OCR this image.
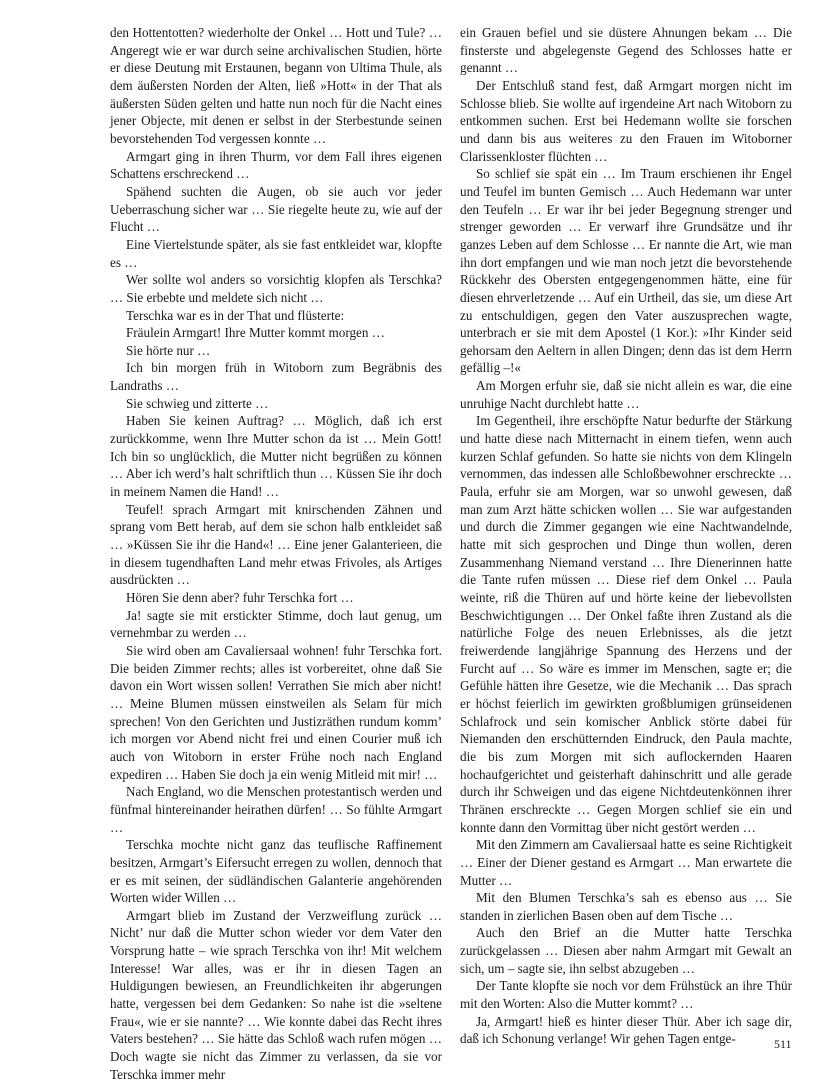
den Hottentotten? wiederholte der Onkel … Hott und Tule? … Angeregt wie er war durch seine archivalischen Studien, hörte er diese Deutung mit Erstaunen, begann von Ultima Thule, als dem äußersten Norden der Alten, ließ »Hott« in der That als äußersten Süden gelten und hatte nun noch für die Nacht eines jener Objecte, mit denen er selbst in der Sterbestunde seinen bevorstehenden Tod vergessen konnte …

Armgart ging in ihren Thurm, vor dem Fall ihres eigenen Schattens erschreckend …

Spähend suchten die Augen, ob sie auch vor jeder Ueberraschung sicher war … Sie riegelte heute zu, wie auf der Flucht …

Eine Viertelstunde später, als sie fast entkleidet war, klopfte es …

Wer sollte wol anders so vorsichtig klopfen als Terschka? … Sie erbebte und meldete sich nicht …

Terschka war es in der That und flüsterte:

Fräulein Armgart! Ihre Mutter kommt morgen …

Sie hörte nur …

Ich bin morgen früh in Witoborn zum Begräbnis des Landraths …

Sie schwieg und zitterte …

Haben Sie keinen Auftrag? … Möglich, daß ich erst zurückkomme, wenn Ihre Mutter schon da ist … Mein Gott! Ich bin so unglücklich, die Mutter nicht begrüßen zu können … Aber ich werd’s halt schriftlich thun … Küssen Sie ihr doch in meinem Namen die Hand! …

Teufel! sprach Armgart mit knirschenden Zähnen und sprang vom Bett herab, auf dem sie schon halb entkleidet saß … »Küssen Sie ihr die Hand«! … Eine jener Galanterieen, die in diesem tugendhaften Land mehr etwas Frivoles, als Artiges ausdrückten …

Hören Sie denn aber? fuhr Terschka fort …

Ja! sagte sie mit erstickter Stimme, doch laut genug, um vernehmbar zu werden …

Sie wird oben am Cavaliersaal wohnen! fuhr Terschka fort. Die beiden Zimmer rechts; alles ist vorbereitet, ohne daß Sie davon ein Wort wissen sollen! Verrathen Sie mich aber nicht! … Meine Blumen müssen einstweilen als Selam für mich sprechen! Von den Gerichten und Justizräthen rundum komm’ ich morgen vor Abend nicht frei und einen Courier muß ich auch von Witoborn in erster Frühe noch nach England expediren … Haben Sie doch ja ein wenig Mitleid mit mir! …

Nach England, wo die Menschen protestantisch werden und fünfmal hintereinander heirathen dürfen! … So fühlte Armgart …

Terschka mochte nicht ganz das teuflische Raffinement besitzen, Armgart’s Eifersucht erregen zu wollen, dennoch that er es mit seinen, der südländischen Galanterie angehörenden Worten wider Willen …

Armgart blieb im Zustand der Verzweiflung zurück … Nicht’ nur daß die Mutter schon wieder vor dem Vater den Vorsprung hatte – wie sprach Terschka von ihr! Mit welchem Interesse! War alles, was er ihr in diesen Tagen an Huldigungen bewiesen, an Freundlichkeiten ihr abgerungen hatte, vergessen bei dem Gedanken: So nahe ist die »seltene Frau«, wie er sie nannte? … Wie konnte dabei das Recht ihres Vaters bestehen? … Sie hätte das Schloß wach rufen mögen … Doch wagte sie nicht das Zimmer zu verlassen, da sie vor Terschka immer mehr

ein Grauen befiel und sie düstere Ahnungen bekam … Die finsterste und abgelegenste Gegend des Schlosses hatte er genannt …

Der Entschluß stand fest, daß Armgart morgen nicht im Schlosse blieb. Sie wollte auf irgendeine Art nach Witoborn zu entkommen suchen. Erst bei Hedemann wollte sie forschen und dann bis aus weiteres zu den Frauen im Witoborner Clarissenkloster flüchten …

So schlief sie spät ein … Im Traum erschienen ihr Engel und Teufel im bunten Gemisch … Auch Hedemann war unter den Teufeln … Er war ihr bei jeder Begegnung strenger und strenger geworden … Er verwarf ihre Grundsätze und ihr ganzes Leben auf dem Schlosse … Er nannte die Art, wie man ihn dort empfangen und wie man noch jetzt die bevorstehende Rückkehr des Obersten entgegengenommen hätte, eine für diesen ehrverletzende … Auf ein Urtheil, das sie, um diese Art zu entschuldigen, gegen den Vater auszusprechen wagte, unterbrach er sie mit dem Apostel (1 Kor.): »Ihr Kinder seid gehorsam den Aeltern in allen Dingen; denn das ist dem Herrn gefällig –!«

Am Morgen erfuhr sie, daß sie nicht allein es war, die eine unruhige Nacht durchlebt hatte …

Im Gegentheil, ihre erschöpfte Natur bedurfte der Stärkung und hatte diese nach Mitternacht in einem tiefen, wenn auch kurzen Schlaf gefunden. So hatte sie nichts von dem Klingeln vernommen, das indessen alle Schloßbewohner erschreckte … Paula, erfuhr sie am Morgen, war so unwohl gewesen, daß man zum Arzt hätte schicken wollen … Sie war aufgestanden und durch die Zimmer gegangen wie eine Nachtwandelnde, hatte mit sich gesprochen und Dinge thun wollen, deren Zusammenhang Niemand verstand … Ihre Dienerinnen hatte die Tante rufen müssen … Diese rief dem Onkel … Paula weinte, riß die Thüren auf und hörte keine der liebevollsten Beschwichtigungen … Der Onkel faßte ihren Zustand als die natürliche Folge des neuen Erlebnisses, als die jetzt freiwerdende langjährige Spannung des Herzens und der Furcht auf … So wäre es immer im Menschen, sagte er; die Gefühle hätten ihre Gesetze, wie die Mechanik … Das sprach er höchst feierlich im gewirkten großblumigen grünseidenen Schlafrock und sein komischer Anblick störte dabei für Niemanden den erschütternden Eindruck, den Paula machte, die bis zum Morgen mit sich auflockernden Haaren hochaufgerichtet und geisterhaft dahinschritt und alle gerade durch ihr Schweigen und das eigene Nichtdeutenkönnen ihrer Thränen erschreckte … Gegen Morgen schlief sie ein und konnte dann den Vormittag über nicht gestört werden …

Mit den Zimmern am Cavaliersaal hatte es seine Richtigkeit … Einer der Diener gestand es Armgart … Man erwartete die Mutter …

Mit den Blumen Terschka’s sah es ebenso aus … Sie standen in zierlichen Basen oben auf dem Tische …

Auch den Brief an die Mutter hatte Terschka zurückgelassen … Diesen aber nahm Armgart mit Gewalt an sich, um – sagte sie, ihn selbst abzugeben …

Der Tante klopfte sie noch vor dem Frühstück an ihre Thür mit den Worten: Also die Mutter kommt? …

Ja, Armgart! hieß es hinter dieser Thür. Aber ich sage dir, daß ich Schonung verlange! Wir gehen Tagen entge-	511
